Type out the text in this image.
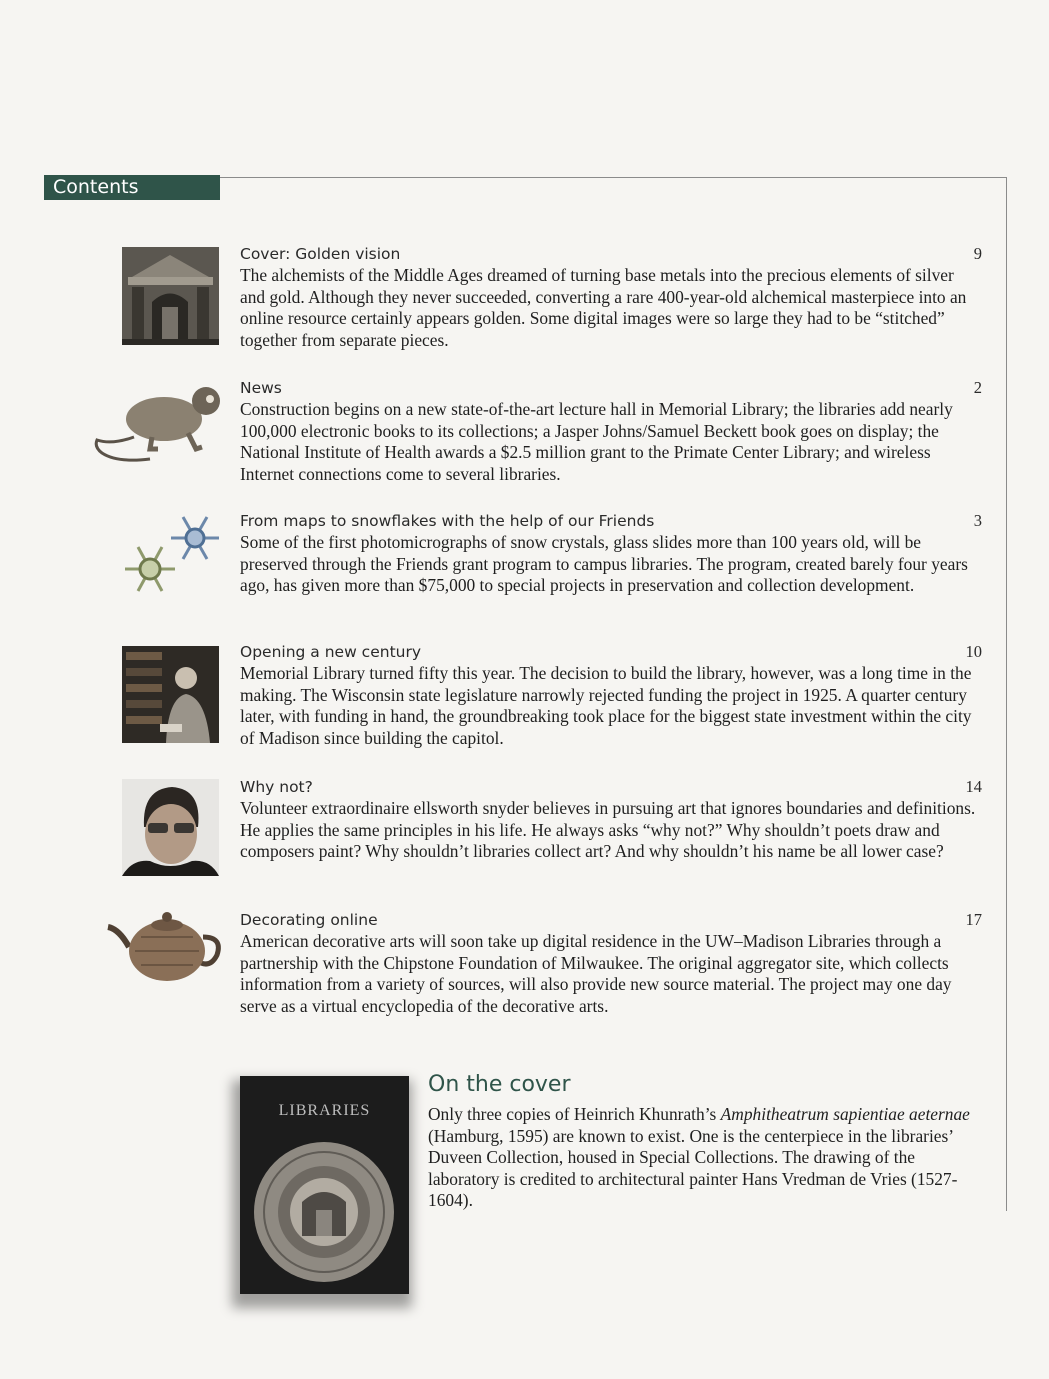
Contents
Cover: Golden vision	9

The alchemists of the Middle Ages dreamed of turning base metals into the precious elements of silver and gold. Although they never succeeded, converting a rare 400-year-old alchemical masterpiece into an online resource certainly appears golden. Some digital images were so large they had to be “stitched” together from separate pieces.

News	2

Construction begins on a new state-of-the-art lecture hall in Memorial Library; the libraries add nearly 100,000 electronic books to its collections; a Jasper Johns/Samuel Beckett book goes on display; the National Institute of Health awards a $2.5 million grant to the Primate Center Library; and wireless Internet connections come to several libraries.

From maps to snowflakes with the help of our Friends	3

Some of the first photomicrographs of snow crystals, glass slides more than 100 years old, will be preserved through the Friends grant program to campus libraries. The program, created barely four years ago, has given more than $75,000 to special projects in preservation and collection development.

Opening a new century	10

Memorial Library turned fifty this year. The decision to build the library, however, was a long time in the making. The Wisconsin state legislature narrowly rejected funding the project in 1925. A quarter century later, with funding in hand, the groundbreaking took place for the biggest state investment within the city of Madison since building the capitol.

Why not?	14

Volunteer extraordinaire ellsworth snyder believes in pursuing art that ignores boundaries and definitions. He applies the same principles in his life. He always asks “why not?” Why shouldn’t poets draw and composers paint? Why shouldn’t libraries collect art? And why shouldn’t his name be all lower case?

Decorating online	17

American decorative arts will soon take up digital residence in the UW–Madison Libraries through a partnership with the Chipstone Foundation of Milwaukee. The original aggregator site, which collects information from a variety of sources, will also provide new source material. The project may one day serve as a virtual encyclopedia of the decorative arts.

LIBRARIES
On the cover

Only three copies of Heinrich Khunrath’s Amphitheatrum sapientiae aeternae (Hamburg, 1595) are known to exist. One is the centerpiece in the libraries’ Duveen Collection, housed in Special Collections. The drawing of the laboratory is credited to architectural painter Hans Vredman de Vries (1527-1604).
